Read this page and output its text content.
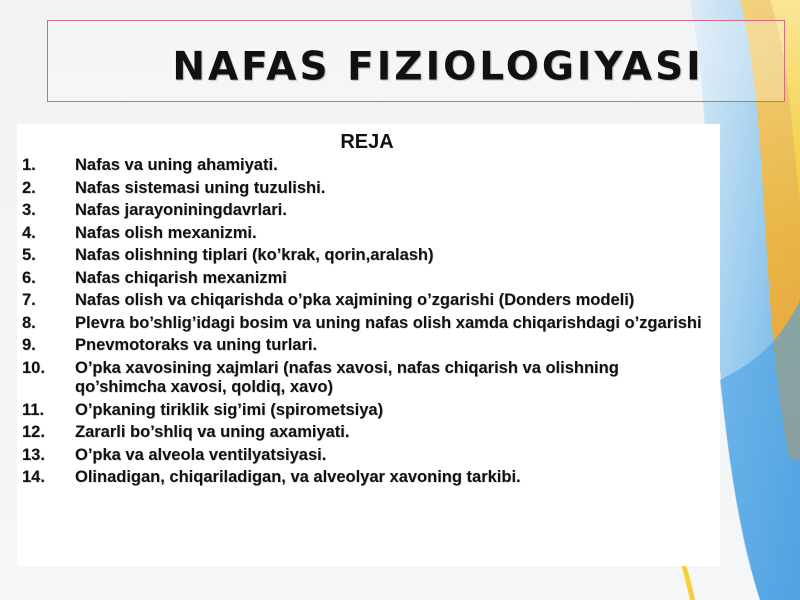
NAFAS FIZIOLOGIYASI
REJA
1.	Nafas va uning ahamiyati.
2.	Nafas sistemasi uning tuzulishi.
3.	Nafas jarayoniningdavrlari.
4.	Nafas olish mexanizmi.
5.	Nafas olishning tiplari (ko’krak, qorin,aralash)
6.	Nafas chiqarish mexanizmi
7.	Nafas olish va chiqarishda o’pka xajmining o’zgarishi (Donders modeli)
8.	Plevra bo’shlig’idagi bosim va uning nafas olish xamda chiqarishdagi o’zgarishi
9.	Pnevmotoraks va uning turlari.
10.	O’pka xavosining xajmlari (nafas xavosi, nafas chiqarish va olishning qo’shimcha xavosi, qoldiq, xavo)
11.	O’pkaning tiriklik sig’imi (spirometsiya)
12.	Zararli bo’shliq va uning axamiyati.
13.	O’pka va alveola ventilyatsiyasi.
14.	Olinadigan, chiqariladigan, va alveolyar xavoning tarkibi.
